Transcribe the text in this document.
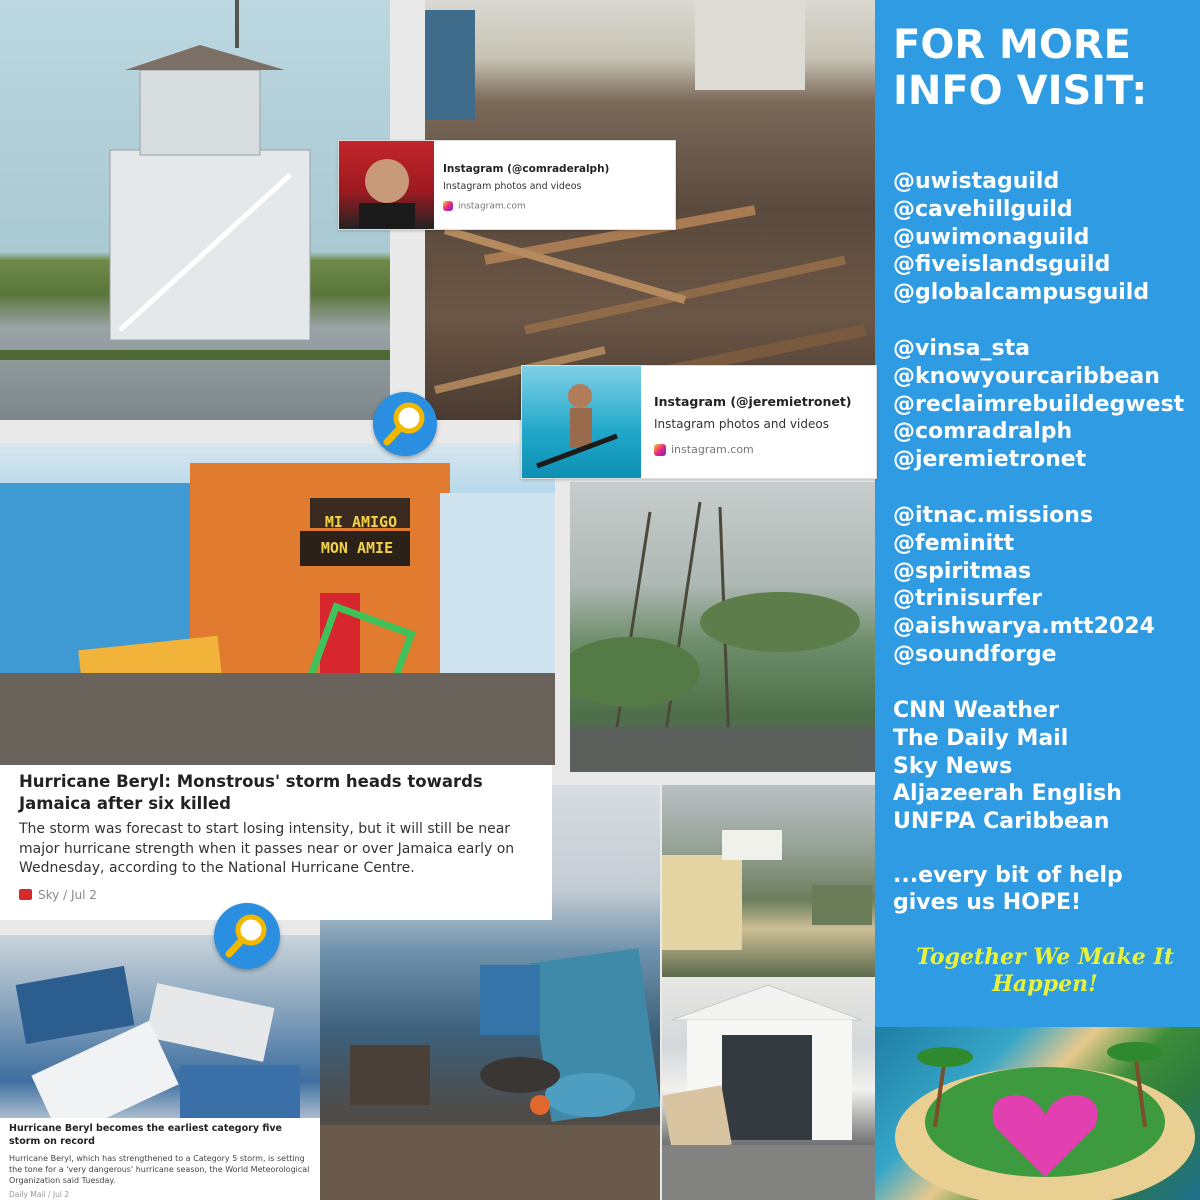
MI AMIGO
MON AMIE
FOR MORE INFO VISIT:
@uwistaguild
@cavehillguild
@uwimonaguild
@fiveislandsguild
@globalcampusguild
@vinsa_sta
@knowyourcaribbean
@reclaimrebuildegwest
@comradralph
@jeremietronet
@itnac.missions
@feminitt
@spiritmas
@trinisurfer
@aishwarya.mtt2024
@soundforge
CNN Weather
The Daily Mail
Sky News
Aljazeerah English
UNFPA Caribbean
...every bit of help gives us HOPE!
Together We Make It Happen!
Instagram (@comraderalph)
Instagram photos and videos
instagram.com
Instagram (@jeremietronet)
Instagram photos and videos
instagram.com
Hurricane Beryl: Monstrous' storm heads towards Jamaica after six killed
The storm was forecast to start losing intensity, but it will still be near major hurricane strength when it passes near or over Jamaica early on Wednesday, according to the National Hurricane Centre.
Sky / Jul 2
Hurricane Beryl becomes the earliest category five storm on record
Hurricane Beryl, which has strengthened to a Category 5 storm, is setting the tone for a 'very dangerous' hurricane season, the World Meteorological Organization said Tuesday.
Daily Mail / Jul 2
